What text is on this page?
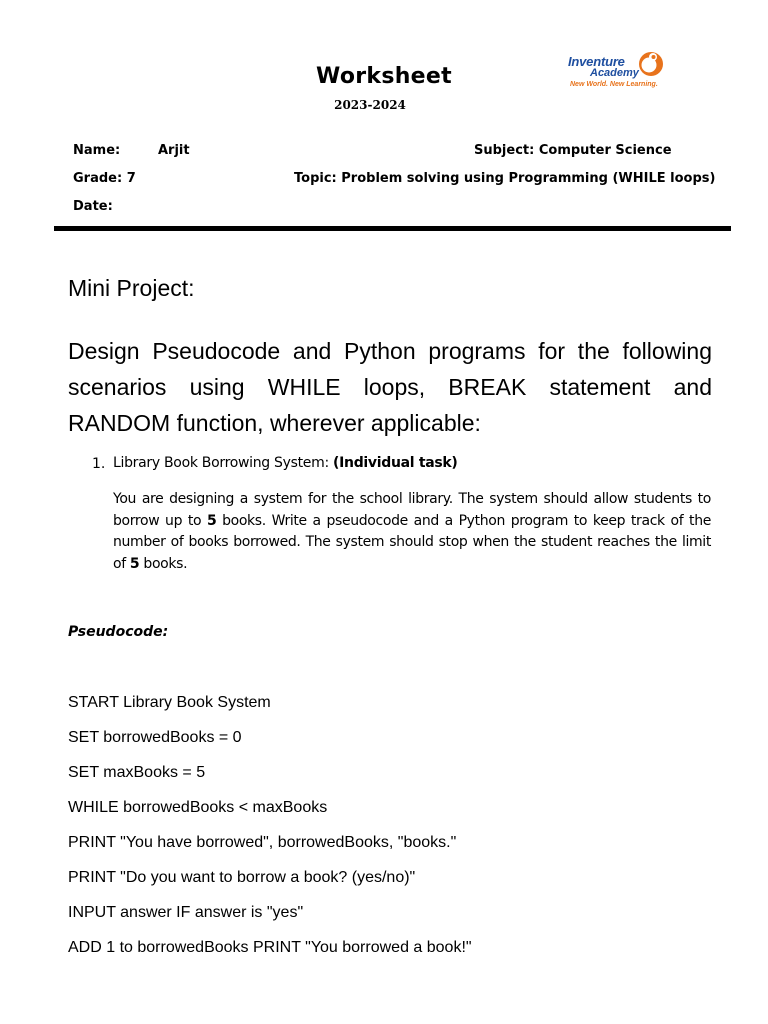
Worksheet
2023-2024
Inventure
Academy
New World. New Learning.
Name:	Arjit	Subject: Computer Science
Grade: 7	Topic: Problem solving using Programming (WHILE loops)
Date:
Mini Project:
Design Pseudocode and Python programs for the following scenarios using WHILE loops, BREAK statement and RANDOM function, wherever applicable:
1. Library Book Borrowing System: (Individual task)
You are designing a system for the school library. The system should allow students to borrow up to 5 books. Write a pseudocode and a Python program to keep track of the number of books borrowed. The system should stop when the student reaches the limit of 5 books.
Pseudocode:
START Library Book System
SET borrowedBooks = 0
SET maxBooks = 5
WHILE borrowedBooks < maxBooks
PRINT "You have borrowed", borrowedBooks, "books."
PRINT "Do you want to borrow a book? (yes/no)"
INPUT answer IF answer is "yes"
ADD 1 to borrowedBooks PRINT "You borrowed a book!"
